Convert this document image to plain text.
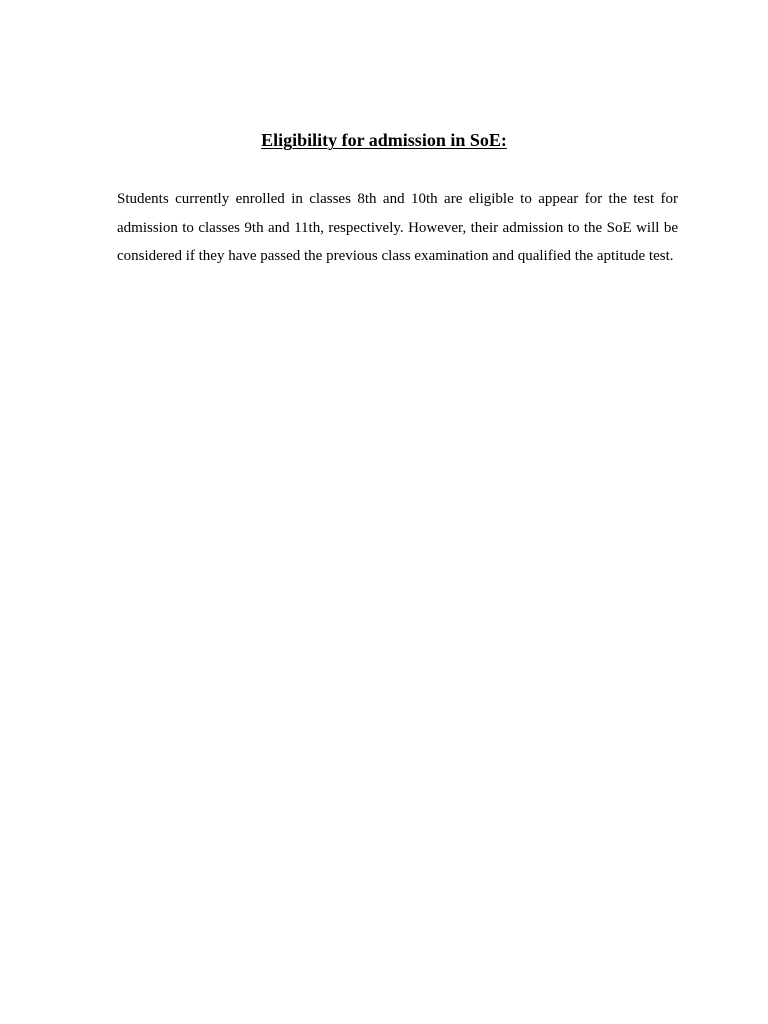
Eligibility for admission in SoE:

Students currently enrolled in classes 8th and 10th are eligible to appear for the test for admission to classes 9th and 11th, respectively. However, their admission to the SoE will be considered if they have passed the previous class examination and qualified the aptitude test.
